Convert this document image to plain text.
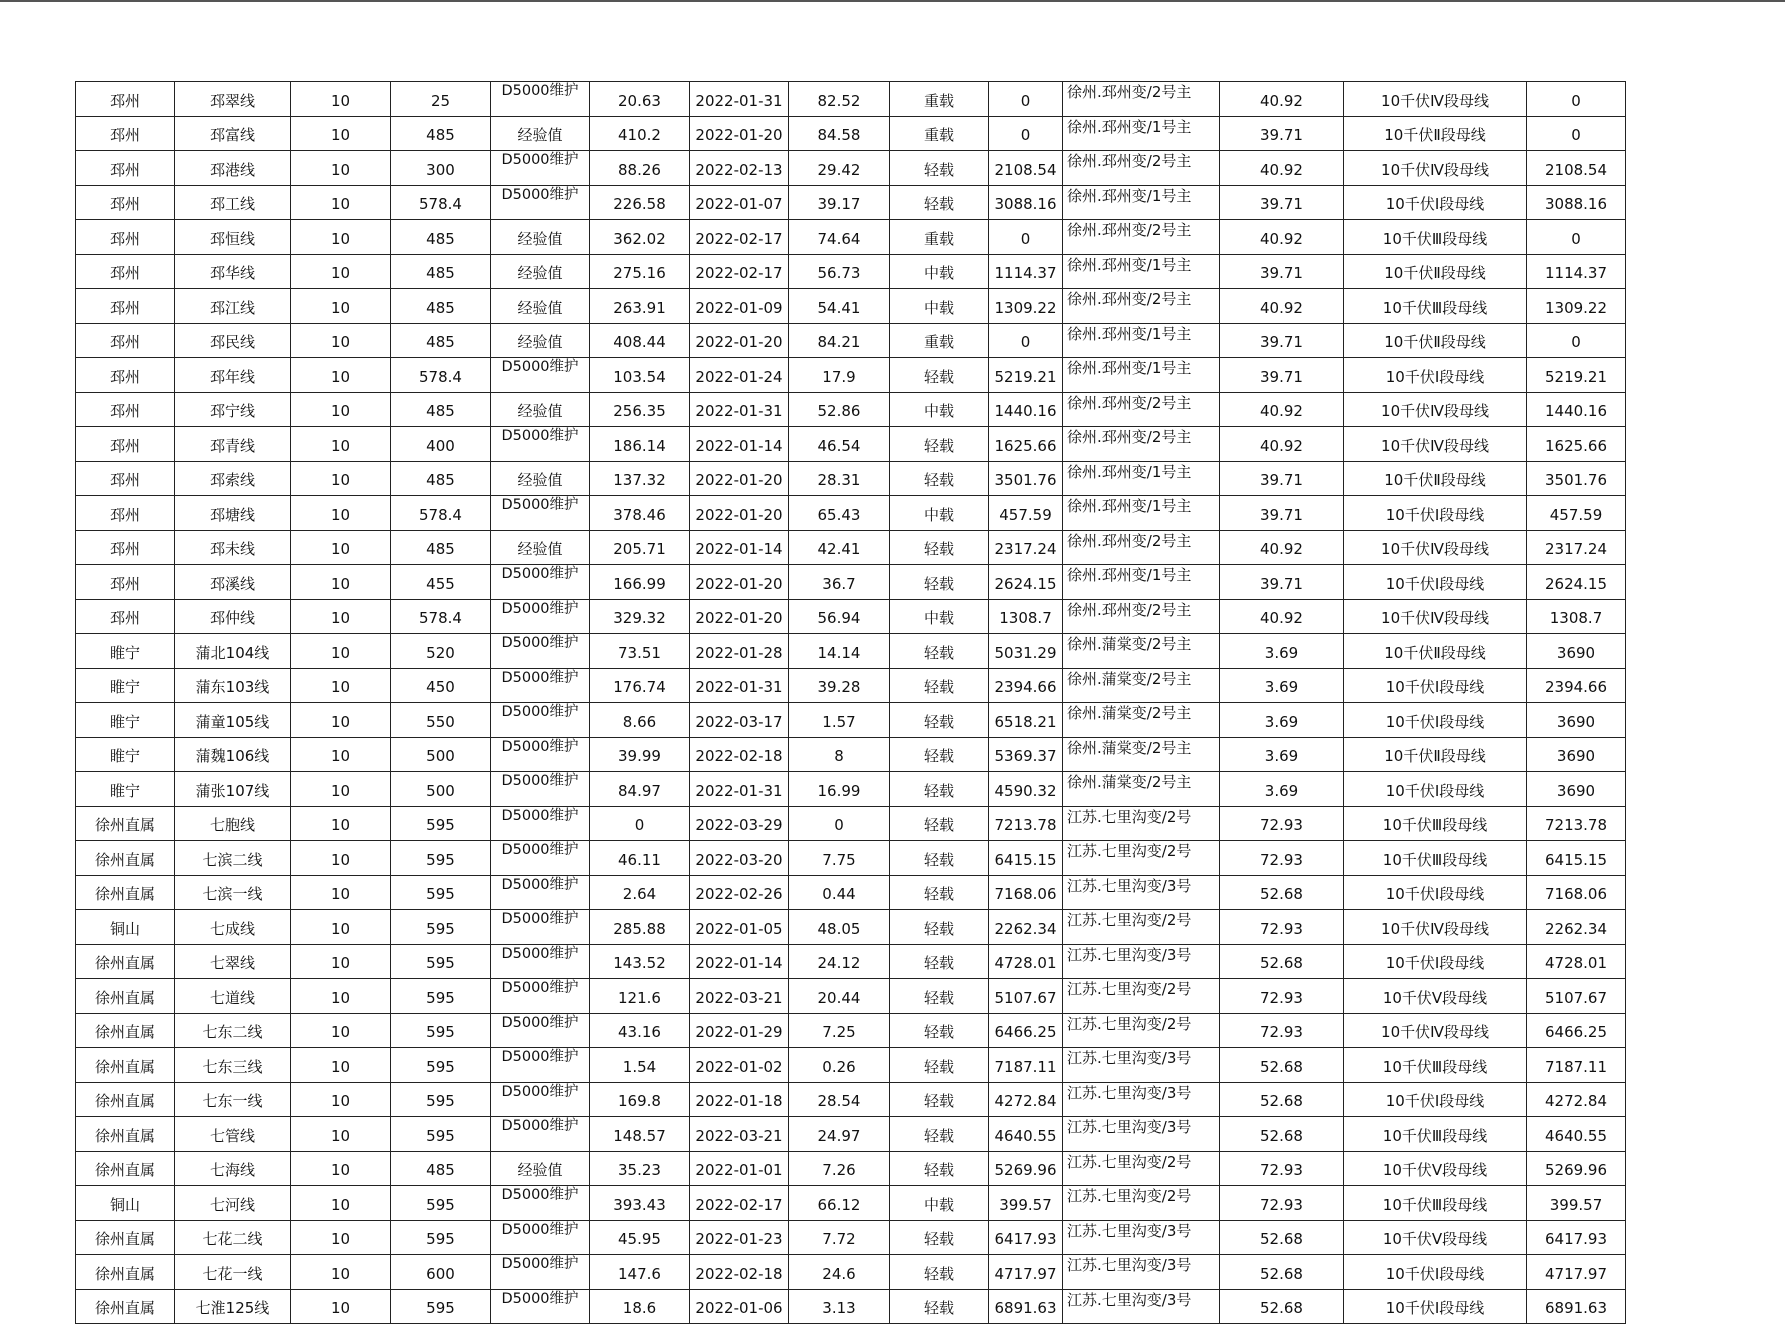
邳州	邳翠线	10	25	D5000维护	20.63	2022-01-31	82.52	重载	0	徐州.邳州变/2号主	40.92	10千伏Ⅳ段母线	0
邳州	邳富线	10	485	经验值	410.2	2022-01-20	84.58	重载	0	徐州.邳州变/1号主	39.71	10千伏Ⅱ段母线	0
邳州	邳港线	10	300	D5000维护	88.26	2022-02-13	29.42	轻载	2108.54	徐州.邳州变/2号主	40.92	10千伏Ⅳ段母线	2108.54
邳州	邳工线	10	578.4	D5000维护	226.58	2022-01-07	39.17	轻载	3088.16	徐州.邳州变/1号主	39.71	10千伏Ⅰ段母线	3088.16
邳州	邳恒线	10	485	经验值	362.02	2022-02-17	74.64	重载	0	徐州.邳州变/2号主	40.92	10千伏Ⅲ段母线	0
邳州	邳华线	10	485	经验值	275.16	2022-02-17	56.73	中载	1114.37	徐州.邳州变/1号主	39.71	10千伏Ⅱ段母线	1114.37
邳州	邳江线	10	485	经验值	263.91	2022-01-09	54.41	中载	1309.22	徐州.邳州变/2号主	40.92	10千伏Ⅲ段母线	1309.22
邳州	邳民线	10	485	经验值	408.44	2022-01-20	84.21	重载	0	徐州.邳州变/1号主	39.71	10千伏Ⅱ段母线	0
邳州	邳年线	10	578.4	D5000维护	103.54	2022-01-24	17.9	轻载	5219.21	徐州.邳州变/1号主	39.71	10千伏Ⅰ段母线	5219.21
邳州	邳宁线	10	485	经验值	256.35	2022-01-31	52.86	中载	1440.16	徐州.邳州变/2号主	40.92	10千伏Ⅳ段母线	1440.16
邳州	邳青线	10	400	D5000维护	186.14	2022-01-14	46.54	轻载	1625.66	徐州.邳州变/2号主	40.92	10千伏Ⅳ段母线	1625.66
邳州	邳索线	10	485	经验值	137.32	2022-01-20	28.31	轻载	3501.76	徐州.邳州变/1号主	39.71	10千伏Ⅱ段母线	3501.76
邳州	邳塘线	10	578.4	D5000维护	378.46	2022-01-20	65.43	中载	457.59	徐州.邳州变/1号主	39.71	10千伏Ⅰ段母线	457.59
邳州	邳未线	10	485	经验值	205.71	2022-01-14	42.41	轻载	2317.24	徐州.邳州变/2号主	40.92	10千伏Ⅳ段母线	2317.24
邳州	邳溪线	10	455	D5000维护	166.99	2022-01-20	36.7	轻载	2624.15	徐州.邳州变/1号主	39.71	10千伏Ⅰ段母线	2624.15
邳州	邳仲线	10	578.4	D5000维护	329.32	2022-01-20	56.94	中载	1308.7	徐州.邳州变/2号主	40.92	10千伏Ⅳ段母线	1308.7
睢宁	蒲北104线	10	520	D5000维护	73.51	2022-01-28	14.14	轻载	5031.29	徐州.蒲棠变/2号主	3.69	10千伏Ⅱ段母线	3690
睢宁	蒲东103线	10	450	D5000维护	176.74	2022-01-31	39.28	轻载	2394.66	徐州.蒲棠变/2号主	3.69	10千伏Ⅰ段母线	2394.66
睢宁	蒲童105线	10	550	D5000维护	8.66	2022-03-17	1.57	轻载	6518.21	徐州.蒲棠变/2号主	3.69	10千伏Ⅰ段母线	3690
睢宁	蒲魏106线	10	500	D5000维护	39.99	2022-02-18	8	轻载	5369.37	徐州.蒲棠变/2号主	3.69	10千伏Ⅱ段母线	3690
睢宁	蒲张107线	10	500	D5000维护	84.97	2022-01-31	16.99	轻载	4590.32	徐州.蒲棠变/2号主	3.69	10千伏Ⅰ段母线	3690
徐州直属	七胞线	10	595	D5000维护	0	2022-03-29	0	轻载	7213.78	江苏.七里沟变/2号	72.93	10千伏Ⅲ段母线	7213.78
徐州直属	七滨二线	10	595	D5000维护	46.11	2022-03-20	7.75	轻载	6415.15	江苏.七里沟变/2号	72.93	10千伏Ⅲ段母线	6415.15
徐州直属	七滨一线	10	595	D5000维护	2.64	2022-02-26	0.44	轻载	7168.06	江苏.七里沟变/3号	52.68	10千伏Ⅰ段母线	7168.06
铜山	七成线	10	595	D5000维护	285.88	2022-01-05	48.05	轻载	2262.34	江苏.七里沟变/2号	72.93	10千伏Ⅳ段母线	2262.34
徐州直属	七翠线	10	595	D5000维护	143.52	2022-01-14	24.12	轻载	4728.01	江苏.七里沟变/3号	52.68	10千伏Ⅰ段母线	4728.01
徐州直属	七道线	10	595	D5000维护	121.6	2022-03-21	20.44	轻载	5107.67	江苏.七里沟变/2号	72.93	10千伏Ⅴ段母线	5107.67
徐州直属	七东二线	10	595	D5000维护	43.16	2022-01-29	7.25	轻载	6466.25	江苏.七里沟变/2号	72.93	10千伏Ⅳ段母线	6466.25
徐州直属	七东三线	10	595	D5000维护	1.54	2022-01-02	0.26	轻载	7187.11	江苏.七里沟变/3号	52.68	10千伏Ⅲ段母线	7187.11
徐州直属	七东一线	10	595	D5000维护	169.8	2022-01-18	28.54	轻载	4272.84	江苏.七里沟变/3号	52.68	10千伏Ⅰ段母线	4272.84
徐州直属	七管线	10	595	D5000维护	148.57	2022-03-21	24.97	轻载	4640.55	江苏.七里沟变/3号	52.68	10千伏Ⅲ段母线	4640.55
徐州直属	七海线	10	485	经验值	35.23	2022-01-01	7.26	轻载	5269.96	江苏.七里沟变/2号	72.93	10千伏Ⅴ段母线	5269.96
铜山	七河线	10	595	D5000维护	393.43	2022-02-17	66.12	中载	399.57	江苏.七里沟变/2号	72.93	10千伏Ⅲ段母线	399.57
徐州直属	七花二线	10	595	D5000维护	45.95	2022-01-23	7.72	轻载	6417.93	江苏.七里沟变/3号	52.68	10千伏Ⅴ段母线	6417.93
徐州直属	七花一线	10	600	D5000维护	147.6	2022-02-18	24.6	轻载	4717.97	江苏.七里沟变/3号	52.68	10千伏Ⅰ段母线	4717.97
徐州直属	七淮125线	10	595	D5000维护	18.6	2022-01-06	3.13	轻载	6891.63	江苏.七里沟变/3号	52.68	10千伏Ⅰ段母线	6891.63
